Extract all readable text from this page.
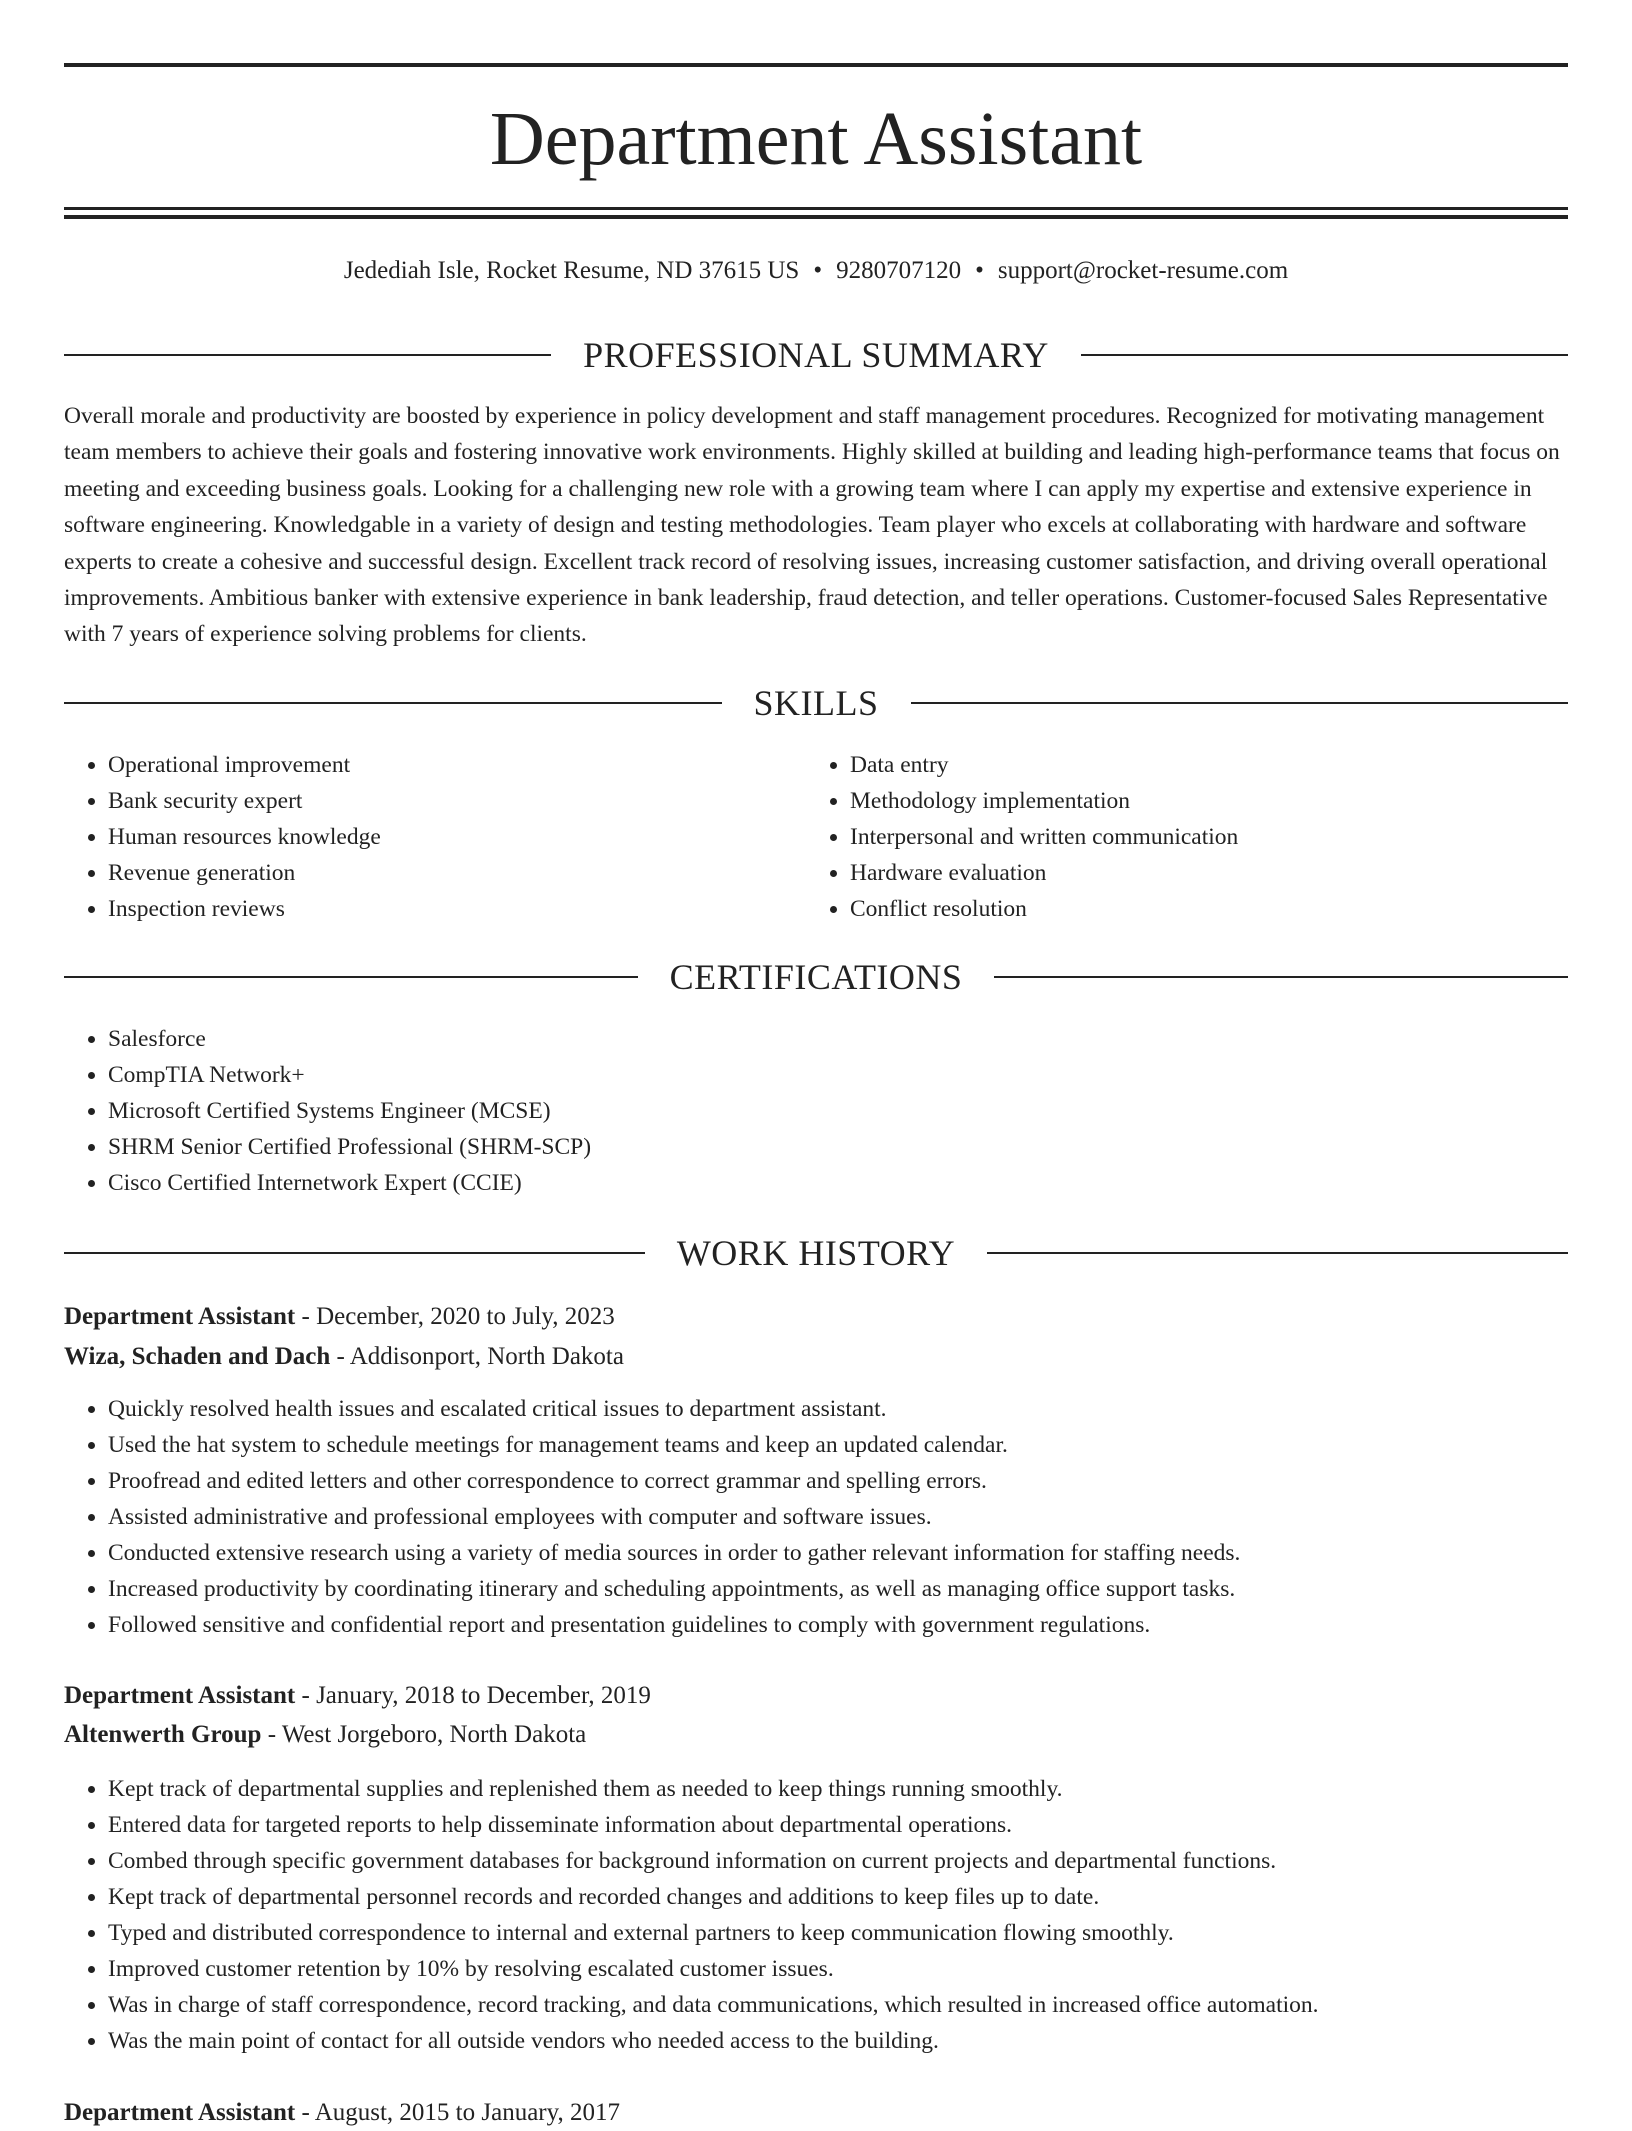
Department Assistant
Jedediah Isle, Rocket Resume, ND 37615 US • 9280707120 • support@rocket-resume.com
PROFESSIONAL SUMMARY

Overall morale and productivity are boosted by experience in policy development and staff management procedures. Recognized for motivating management team members to achieve their goals and fostering innovative work environments. Highly skilled at building and leading high-performance teams that focus on meeting and exceeding business goals. Looking for a challenging new role with a growing team where I can apply my expertise and extensive experience in software engineering. Knowledgable in a variety of design and testing methodologies. Team player who excels at collaborating with hardware and software experts to create a cohesive and successful design. Excellent track record of resolving issues, increasing customer satisfaction, and driving overall operational improvements. Ambitious banker with extensive experience in bank leadership, fraud detection, and teller operations. Customer-focused Sales Representative with 7 years of experience solving problems for clients.

SKILLS
• Operational improvement
• Bank security expert
• Human resources knowledge
• Revenue generation
• Inspection reviews
• Data entry
• Methodology implementation
• Interpersonal and written communication
• Hardware evaluation
• Conflict resolution
CERTIFICATIONS
• Salesforce
• CompTIA Network+
• Microsoft Certified Systems Engineer (MCSE)
• SHRM Senior Certified Professional (SHRM-SCP)
• Cisco Certified Internetwork Expert (CCIE)
WORK HISTORY
Department Assistant - December, 2020 to July, 2023
Wiza, Schaden and Dach - Addisonport, North Dakota
• Quickly resolved health issues and escalated critical issues to department assistant.
• Used the hat system to schedule meetings for management teams and keep an updated calendar.
• Proofread and edited letters and other correspondence to correct grammar and spelling errors.
• Assisted administrative and professional employees with computer and software issues.
• Conducted extensive research using a variety of media sources in order to gather relevant information for staffing needs.
• Increased productivity by coordinating itinerary and scheduling appointments, as well as managing office support tasks.
• Followed sensitive and confidential report and presentation guidelines to comply with government regulations.
Department Assistant - January, 2018 to December, 2019
Altenwerth Group - West Jorgeboro, North Dakota
• Kept track of departmental supplies and replenished them as needed to keep things running smoothly.
• Entered data for targeted reports to help disseminate information about departmental operations.
• Combed through specific government databases for background information on current projects and departmental functions.
• Kept track of departmental personnel records and recorded changes and additions to keep files up to date.
• Typed and distributed correspondence to internal and external partners to keep communication flowing smoothly.
• Improved customer retention by 10% by resolving escalated customer issues.
• Was in charge of staff correspondence, record tracking, and data communications, which resulted in increased office automation.
• Was the main point of contact for all outside vendors who needed access to the building.
Department Assistant - August, 2015 to January, 2017
